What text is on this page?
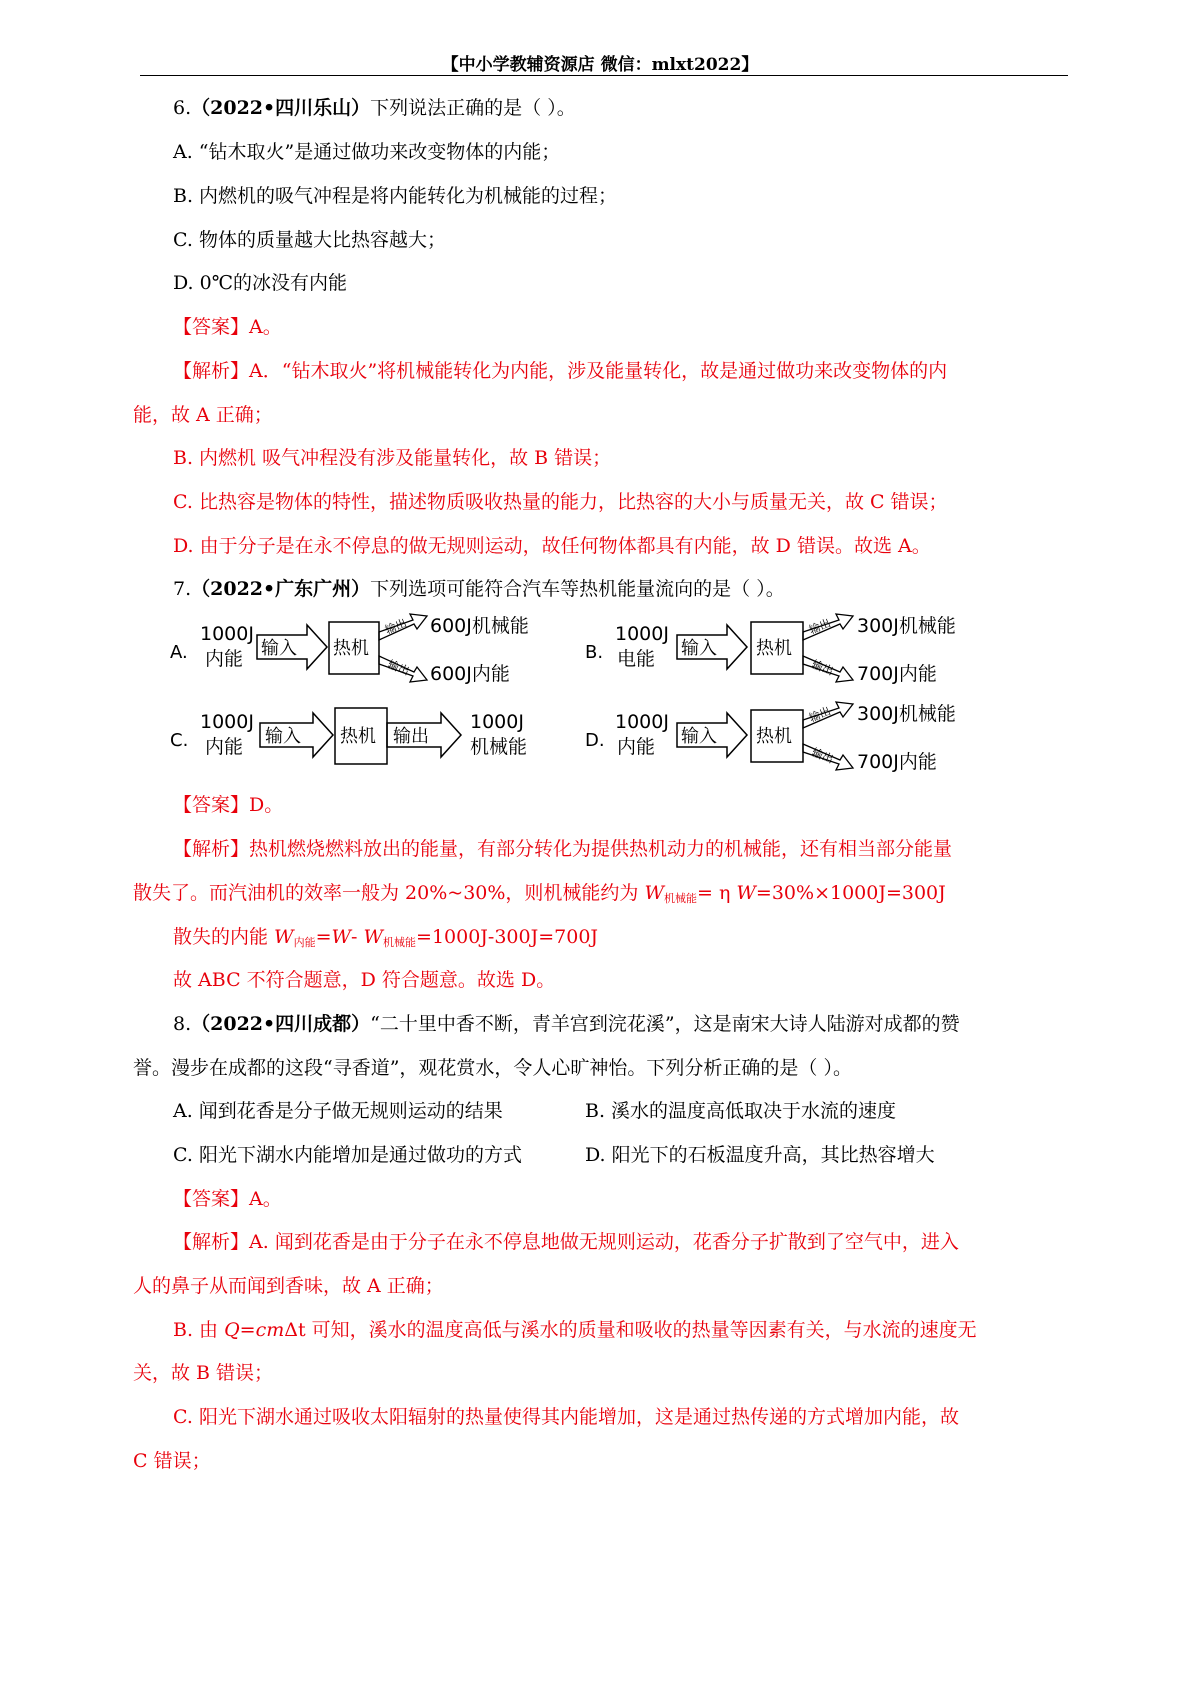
【中小学教辅资源店 微信：mlxt2022】
6.（2022•四川乐山）下列说法正确的是（ ）。
A. “钻木取火”是通过做功来改变物体的内能；
B. 内燃机的吸气冲程是将内能转化为机械能的过程；
C. 物体的质量越大比热容越大；
D. 0℃的冰没有内能
【答案】A。
【解析】A．“钻木取火”将机械能转化为内能，涉及能量转化，故是通过做功来改变物体的内
能，故 A 正确；
B. 内燃机 吸气冲程没有涉及能量转化，故 B 错误；
C. 比热容是物体的特性，描述物质吸收热量的能力，比热容的大小与质量无关，故 C 错误；
D. 由于分子是在永不停息的做无规则运动，故任何物体都具有内能，故 D 错误。故选 A。
7.（2022•广东广州）下列选项可能符合汽车等热机能量流向的是（ ）。
A.
1000J
内能 输入 热机
输出
输出
600J机械能
600J内能
B.
1000J
电能 输入 热机
输出
输出
300J机械能
700J内能
C.
1000J
内能 输入 热机 输出
1000J
机械能	D.
1000J
内能 输入 热机
输出
输出
300J机械能
700J内能
【答案】D。
【解析】热机燃烧燃料放出的能量，有部分转化为提供热机动力的机械能，还有相当部分能量
散失了。而汽油机的效率一般为 20%~30%，则机械能约为 $W_{机械能}= \eta$ W=30%×1000J=300J
散失的内能 $W_{内能}=W-$ $W_{机械能}=1000J-300J=700J$
故 ABC 不符合题意，D 符合题意。故选 D。
8.（2022•四川成都）“二十里中香不断，青羊宫到浣花溪”，这是南宋大诗人陆游对成都的赞
誉。漫步在成都的这段“寻香道”，观花赏水，令人心旷神怡。下列分析正确的是（ ）。
A. 闻到花香是分子做无规则运动的结果	B. 溪水的温度高低取决于水流的速度
C. 阳光下湖水内能增加是通过做功的方式	D. 阳光下的石板温度升高，其比热容增大
【答案】A。
【解析】A. 闻到花香是由于分子在永不停息地做无规则运动，花香分子扩散到了空气中，进入
人的鼻子从而闻到香味，故 A 正确；
B. 由 Q=cmΔt 可知，溪水的温度高低与溪水的质量和吸收的热量等因素有关，与水流的速度无
关，故 B 错误；
C. 阳光下湖水通过吸收太阳辐射的热量使得其内能增加，这是通过热传递的方式增加内能，故
C 错误；
